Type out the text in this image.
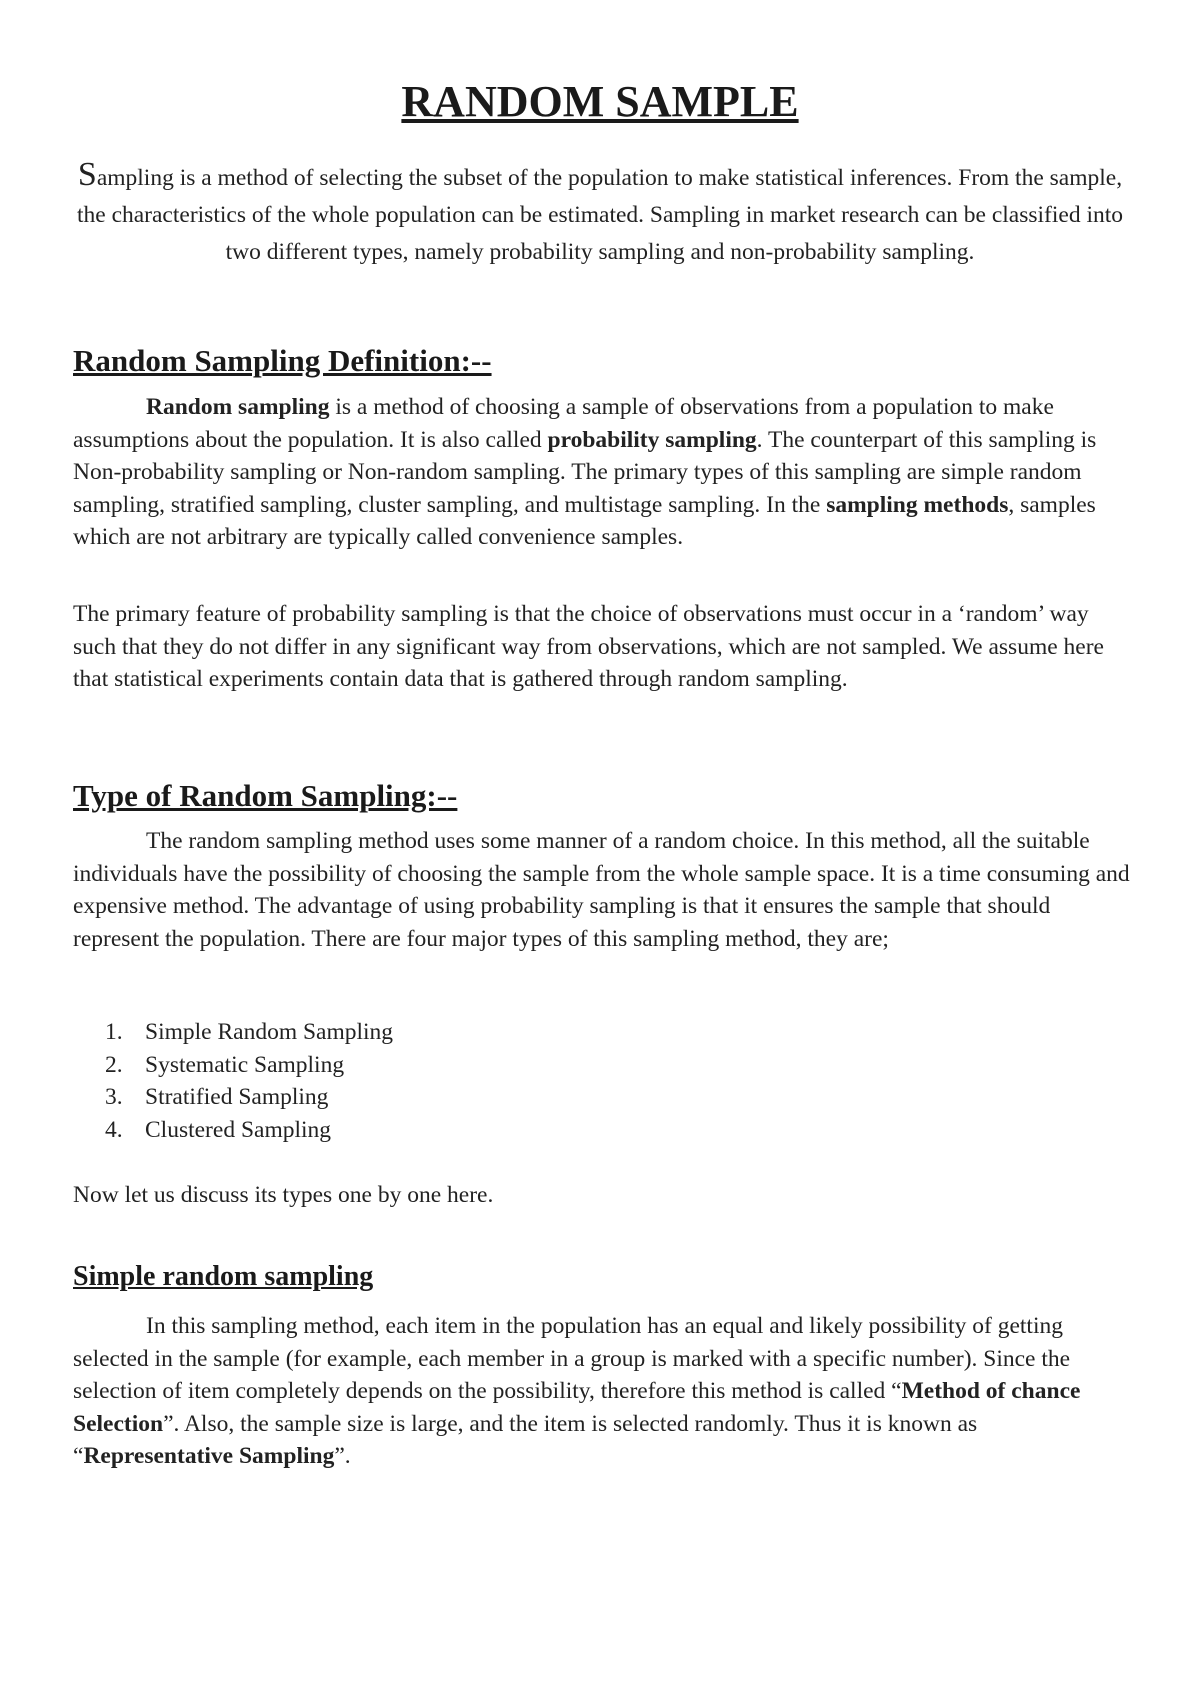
RANDOM SAMPLE

Sampling is a method of selecting the subset of the population to make statistical inferences. From the sample, the characteristics of the whole population can be estimated. Sampling in market research can be classified into two different types, namely probability sampling and non-probability sampling.

Random Sampling Definition:--

Random sampling is a method of choosing a sample of observations from a population to make assumptions about the population. It is also called probability sampling. The counterpart of this sampling is Non-probability sampling or Non-random sampling. The primary types of this sampling are simple random sampling, stratified sampling, cluster sampling, and multistage sampling. In the sampling methods, samples which are not arbitrary are typically called convenience samples.

The primary feature of probability sampling is that the choice of observations must occur in a ‘random’ way such that they do not differ in any significant way from observations, which are not sampled. We assume here that statistical experiments contain data that is gathered through random sampling.

Type of Random Sampling:--

The random sampling method uses some manner of a random choice. In this method, all the suitable individuals have the possibility of choosing the sample from the whole sample space. It is a time consuming and expensive method. The advantage of using probability sampling is that it ensures the sample that should represent the population. There are four major types of this sampling method, they are;

1. Simple Random Sampling
2. Systematic Sampling
3. Stratified Sampling
4. Clustered Sampling

Now let us discuss its types one by one here.

Simple random sampling

In this sampling method, each item in the population has an equal and likely possibility of getting selected in the sample (for example, each member in a group is marked with a specific number). Since the selection of item completely depends on the possibility, therefore this method is called “Method of chance Selection”. Also, the sample size is large, and the item is selected randomly. Thus it is known as “Representative Sampling”.
